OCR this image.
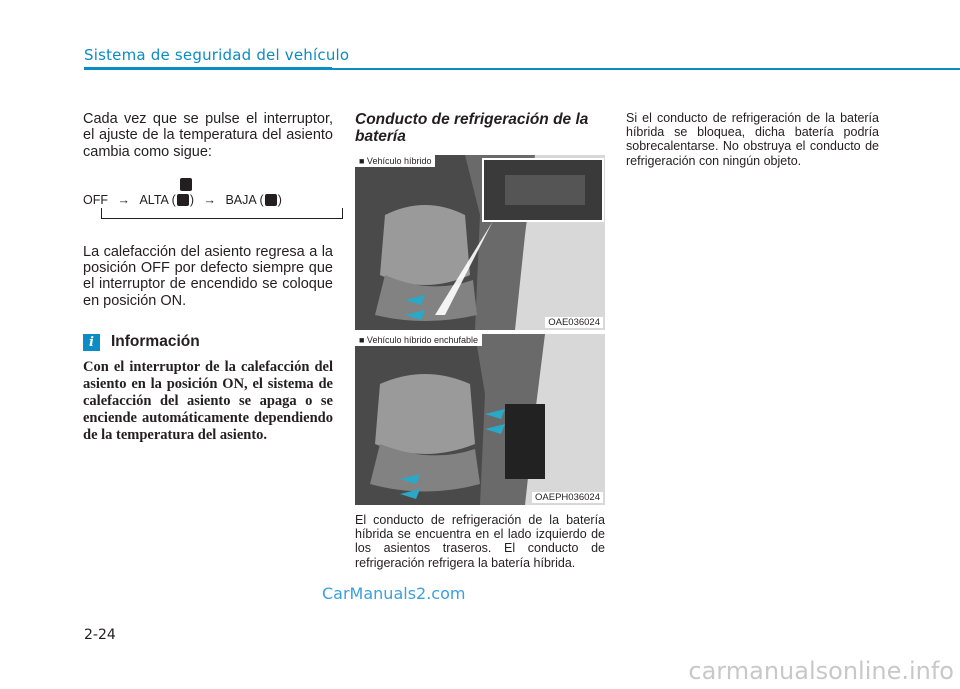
Sistema de seguridad del vehículo

Cada vez que se pulse el interruptor, el ajuste de la temperatura del asiento cambia como sigue:

OFF → ALTA ( ) → BAJA ( )

La calefacción del asiento regresa a la posición OFF por defecto siempre que el interruptor de encendido se coloque en posición ON.

i	Información
Con el interruptor de la calefacción del asiento en la posición ON, el sistema de calefacción del asiento se apaga o se enciende automáticamente dependiendo de la temperatura del asiento.

Conducto de refrigeración de la batería

■ Vehículo híbrido
OAE036024
■ Vehículo híbrido enchufable
OAEPH036024
El conducto de refrigeración de la batería híbrida se encuentra en el lado izquierdo de los asientos traseros. El conducto de refrigeración refrigera la batería híbrida.
Si el conducto de refrigeración de la batería híbrida se bloquea, dicha batería podría sobrecalentarse. No obstruya el conducto de refrigeración con ningún objeto.
CarManuals2.com
2-24
carmanualsonline.info
